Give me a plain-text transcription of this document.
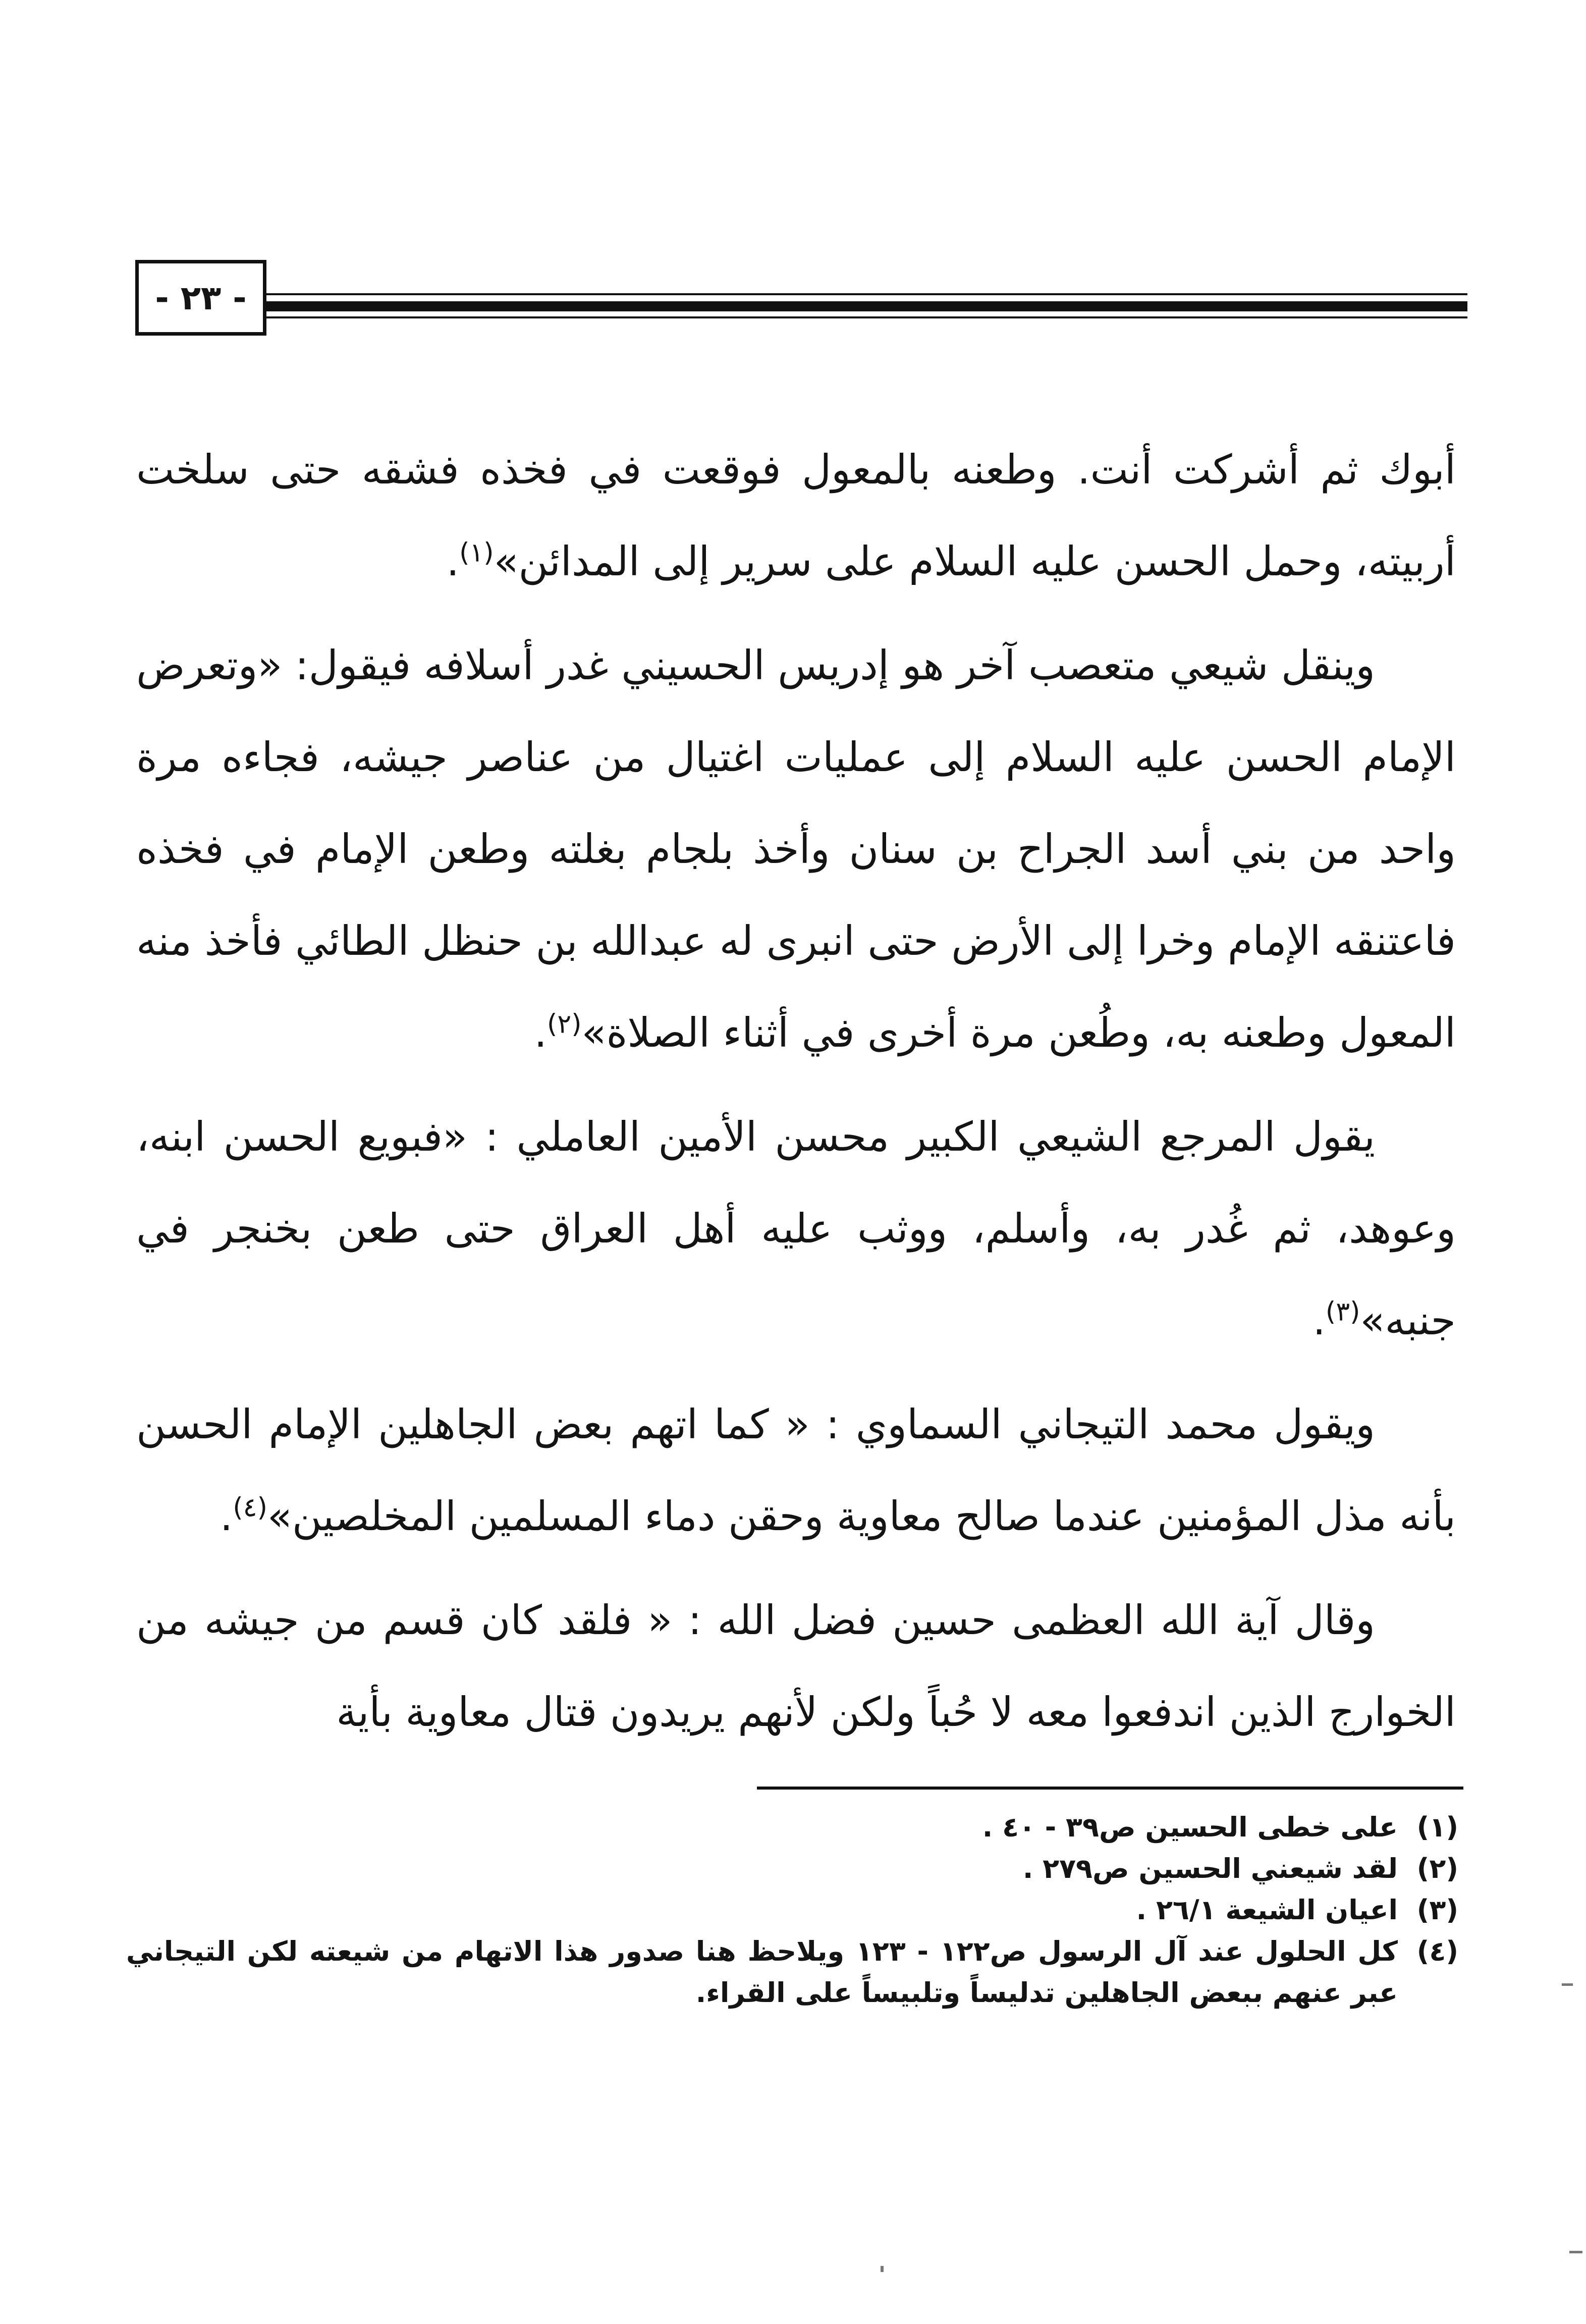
- ٢٣ -

أبوك ثم أشركت أنت. وطعنه بالمعول فوقعت في فخذه فشقه حتى سلخت أربيته، وحمل الحسن عليه السلام على سرير إلى المدائن»$^{(١)}$.

وينقل شيعي متعصب آخر هو إدريس الحسيني غدر أسلافه فيقول: «وتعرض الإمام الحسن عليه السلام إلى عمليات اغتيال من عناصر جيشه، فجاءه مرة واحد من بني أسد الجراح بن سنان وأخذ بلجام بغلته وطعن الإمام في فخذه فاعتنقه الإمام وخرا إلى الأرض حتى انبرى له عبدالله بن حنظل الطائي فأخذ منه المعول وطعنه به، وطُعن مرة أخرى في أثناء الصلاة»$^{(٢)}$.

يقول المرجع الشيعي الكبير محسن الأمين العاملي : «فبويع الحسن ابنه، وعوهد، ثم غُدر به، وأسلم، ووثب عليه أهل العراق حتى طعن بخنجر في جنبه»$^{(٣)}$.

ويقول محمد التيجاني السماوي : « كما اتهم بعض الجاهلين الإمام الحسن بأنه مذل المؤمنين عندما صالح معاوية وحقن دماء المسلمين المخلصين»$^{(٤)}$.

وقال آية الله العظمى حسين فضل الله : « فلقد كان قسم من جيشه من الخوارج الذين اندفعوا معه لا حُباً ولكن لأنهم يريدون قتال معاوية بأية

(١)على خطى الحسين ص٣٩ - ٤٠ .

(٢)لقد شيعني الحسين ص٢٧٩ .

(٣)اعيان الشيعة ٢٦/١ .

(٤)كل الحلول عند آل الرسول ص١٢٢ - ١٢٣ ويلاحظ هنا صدور هذا الاتهام من شيعته لكن التيجاني عبر عنهم ببعض الجاهلين تدليساً وتلبيساً على القراء.
